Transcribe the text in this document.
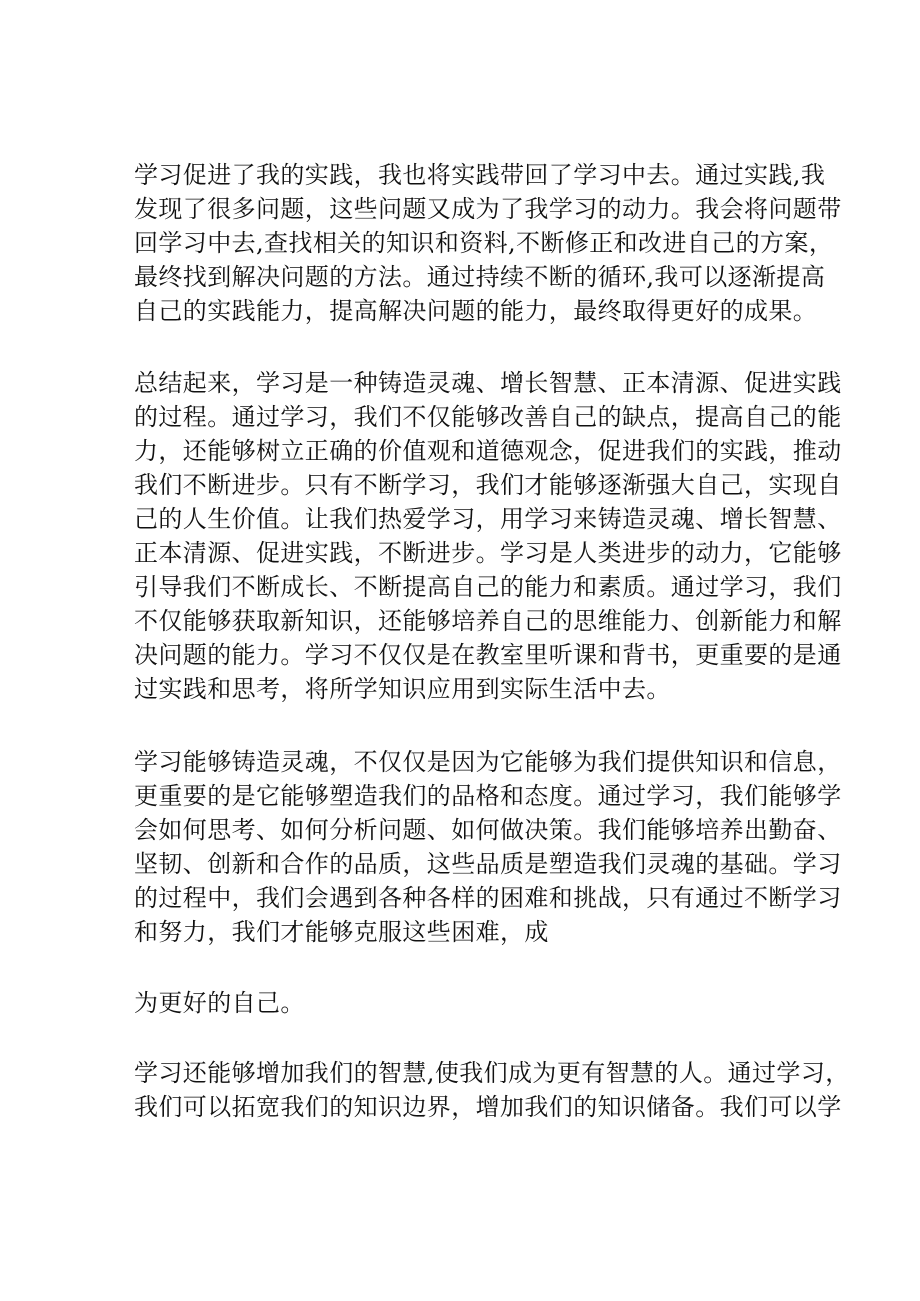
学习促进了我的实践，我也将实践带回了学习中去。通过实践,我

发现了很多问题，这些问题又成为了我学习的动力。我会将问题带

回学习中去,查找相关的知识和资料,不断修正和改进自己的方案，

最终找到解决问题的方法。通过持续不断的循环,我可以逐渐提高

自己的实践能力，提高解决问题的能力，最终取得更好的成果。

总结起来，学习是一种铸造灵魂、增长智慧、正本清源、促进实践

的过程。通过学习，我们不仅能够改善自己的缺点，提高自己的能

力，还能够树立正确的价值观和道德观念，促进我们的实践，推动

我们不断进步。只有不断学习，我们才能够逐渐强大自己，实现自

己的人生价值。让我们热爱学习，用学习来铸造灵魂、增长智慧、

正本清源、促进实践，不断进步。学习是人类进步的动力，它能够

引导我们不断成长、不断提高自己的能力和素质。通过学习，我们

不仅能够获取新知识，还能够培养自己的思维能力、创新能力和解

决问题的能力。学习不仅仅是在教室里听课和背书，更重要的是通

过实践和思考，将所学知识应用到实际生活中去。

学习能够铸造灵魂，不仅仅是因为它能够为我们提供知识和信息，

更重要的是它能够塑造我们的品格和态度。通过学习，我们能够学

会如何思考、如何分析问题、如何做决策。我们能够培养出勤奋、

坚韧、创新和合作的品质，这些品质是塑造我们灵魂的基础。学习

的过程中，我们会遇到各种各样的困难和挑战，只有通过不断学习

和努力，我们才能够克服这些困难，成

为更好的自己。

学习还能够增加我们的智慧,使我们成为更有智慧的人。通过学习，

我们可以拓宽我们的知识边界，增加我们的知识储备。我们可以学
